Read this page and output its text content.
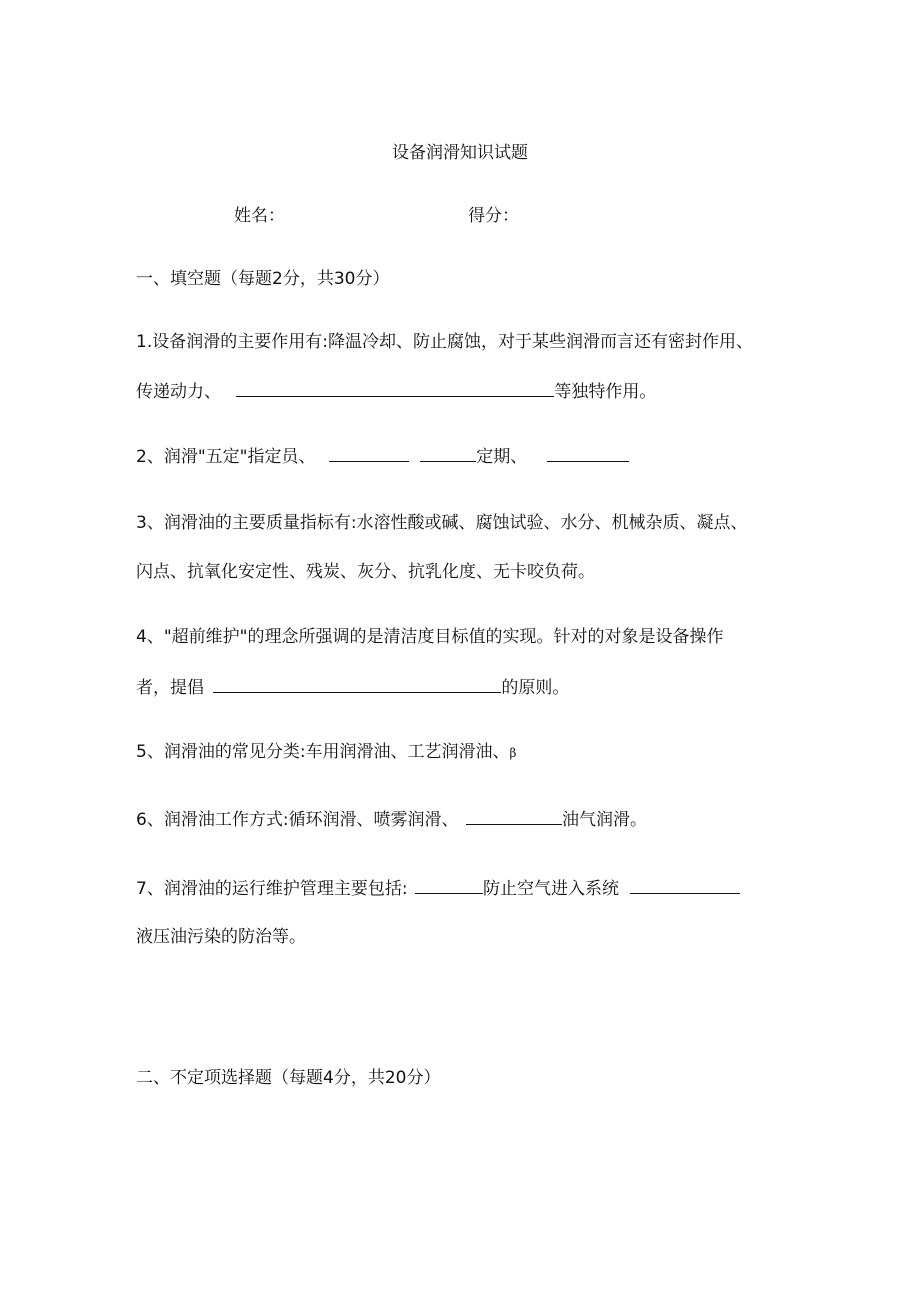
设备润滑知识试题
姓名：	得分：
一、填空题（每题2分，共30分）
1.设备润滑的主要作用有:降温冷却、防止腐蚀，对于某些润滑而言还有密封作用、
传递动力、	等独特作用。
2、润滑"五定"指定员、	定期、
3、润滑油的主要质量指标有:水溶性酸或碱、腐蚀试验、水分、机械杂质、凝点、
闪点、抗氧化安定性、残炭、灰分、抗乳化度、无卡咬负荷。
4、"超前维护"的理念所强调的是清洁度目标值的实现。针对的对象是设备操作
者，提倡	的原则。
5、润滑油的常见分类:车用润滑油、工艺润滑油、β
6、润滑油工作方式:循环润滑、喷雾润滑、	油气润滑。
7、润滑油的运行维护管理主要包括:	防止空气进入系统
液压油污染的防治等。
二、不定项选择题（每题4分，共20分）
